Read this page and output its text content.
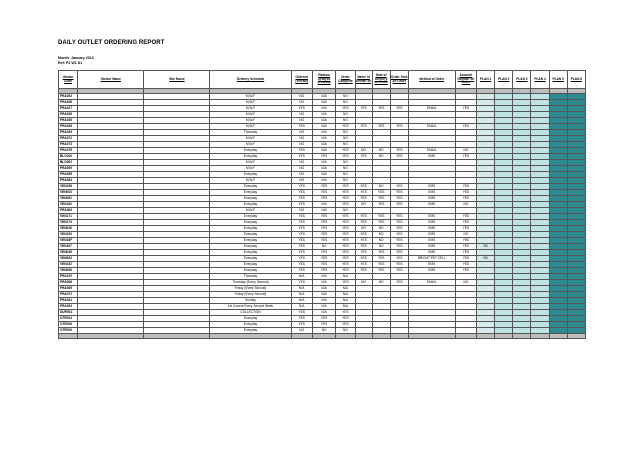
DAILY OUTLET ORDERING REPORT
Month: January 2013
Ref: P2 W1 D1
Vendor Code	Vendor Name	Site Name	Delivery Schedule	Ordered (Yes/No)	Reason Ordered (Yes/No)	Order Complete	Name of Sender on	Date of Delivery on Order	Order Sent on Order	Method of Order	Account Number on Order	PLAN 1	PLAN 2	PLAN 3	PLAN 4	PLAN 5	PLAN 6

PRA002			M,W,F	NO	N/A	NO											
PRA008			M,W,F	NO	N/A	NO											
PRA027			M,W,F	YES	N/A	YES	YES	YES	YES	EMAIL	YES						
PRA049			M,W,F	NO	N/A	NO											
PRA025			M,W,F	NO	N/A	NO											
PRA028			M,W,F	YES	N/A	YES	YES	YES	YES	EMAIL	YES						
PRA029			Thursday	NO	N/A	NO											
PRA072			M,W,F	NO	N/A	NO											
PRA073			M,W,F	NO	N/A	NO											
PRA075			Everyday	YES	N/A	YES	NO	NO	YES	EMAIL	NO						
BLO010			Everyday	YES	YES	YES	YES	NO	YES	EMS	YES						
BLO002			M,W,F	NO	N/A	NO											
PRA009			M,W,F	NO	N/A	NO											
PRA055			Everyday	NO	N/A	NO											
PRA064			M,W,F	NO	N/A	NO											
VEN158			Everyday	YES	YES	YES	YES	NO	YES	EMS	YES						
VEN003			Everyday	YES	YES	YES	YES	YES	YES	EMS	YES						
VEN082			Everyday	YES	YES	YES	YES	YES	YES	EMS	YES						
VEN182			Everyday	YES	N/A	YES	NO	YES	YES	EMS	NO						
PRA063			M,W,F	NO	N/A	NO											
VEN171			Everyday	YES	YES	YES	YES	YES	YES	EMS	YES						
VEN174			Everyday	YES	YES	YES	YES	YES	YES	EMS	YES						
VEN026			Everyday	YES	YES	YES	NO	NO	YES	EMS	YES						
VEN153			Everyday	YES	YES	YES	YES	NO	YES	EMS	NO						
VEN16F			Everyday	YES	YES	YES	YES	NO	YES	EMS	YES						
VEN167			Everyday	YES	NO	YES	YES	NO	YES	EMS	YES	BS					
VEN048			Everyday	YES	YES	YES	YES	YES	YES	EMS	YES						
VEN063			Everyday	YES	YES	YES	YES	YES	YES	BRIGHT PST CELL	YES	BS					
VEN152			Everyday	YES	YES	YES	YES	YES	YES	EMS	YES						
VEN096			Everyday	YES	YES	YES	YES	YES	YES	EMS	YES						
PRA070			Thursday	N/A	N/A	N/A											
PRA008			Thursday (Every Second)	YES	N/A	YES	NO	NO	YES	EMAIL	NO						
PRA069			Friday (Every Second)	N/A	N/A	N/A											
PRA071			Friday (Every Second)	N/A	N/A	N/A											
PRA041			Sunday	N/A	N/A	N/A											
PRA003			1st Correct Every Second Week	N/A	N/A	N/A											
DUR001			COLLECTION	YES	N/A	YES											
OTE004			Everyday	YES	YES	YES											
OTE008			Everyday	YES	YES	YES											
OTE009			Everyday	NO	NO	NO											
